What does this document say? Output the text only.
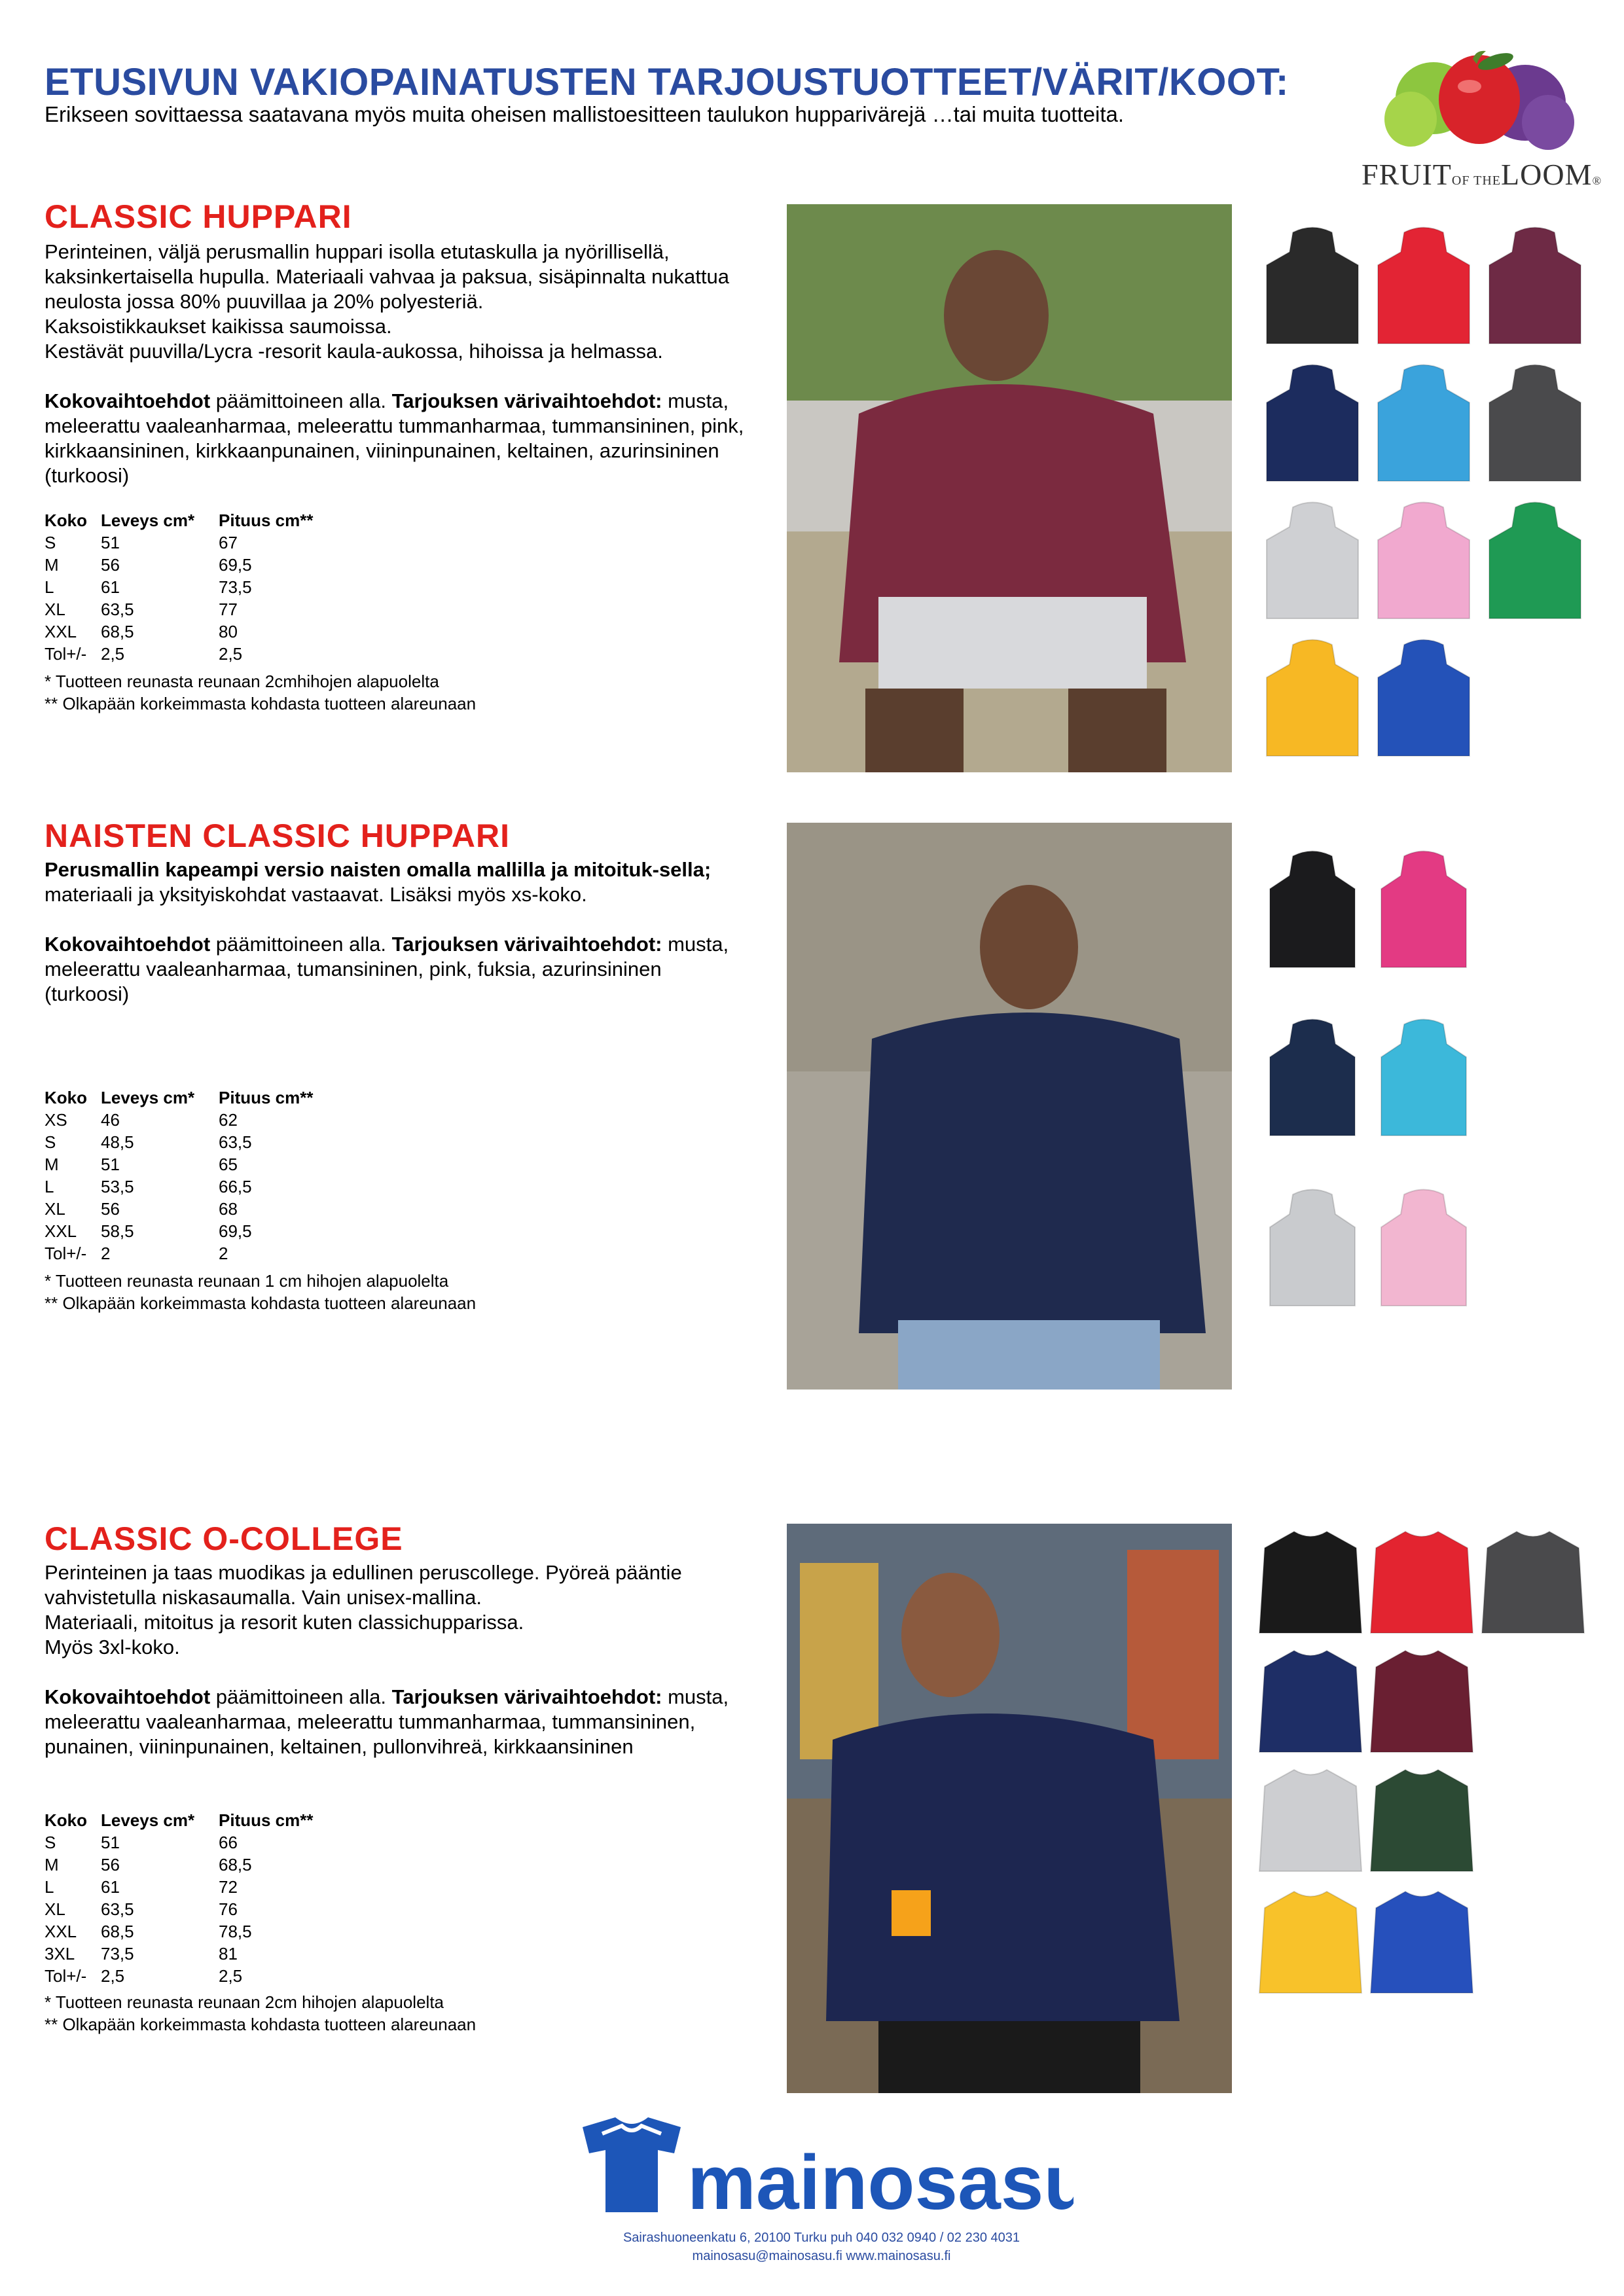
ETUSIVUN VAKIOPAINATUSTEN TARJOUSTUOTTEET/VÄRIT/KOOT:
Erikseen sovittaessa saatavana myös muita oheisen mallistoesitteen taulukon hupparivärejä …tai muita tuotteita.
FRUITOF THELOOM®
CLASSIC HUPPARI

Perinteinen, väljä perusmallin huppari isolla etutaskulla ja nyörillisellä, kaksinkertaisella hupulla. Materiaali vahvaa ja paksua, sisäpinnalta nukattua neulosta jossa 80% puuvillaa ja 20% polyesteriä.

Kaksoistikkaukset kaikissa saumoissa.

Kestävät puuvilla/Lycra -resorit kaula-aukossa, hihoissa ja helmassa.

Kokovaihtoehdot päämittoineen alla. Tarjouksen värivaihtoehdot: musta, meleerattu vaaleanharmaa, meleerattu tummanharmaa, tummansininen, pink, kirkkaansininen, kirkkaanpunainen, viininpunainen, keltainen, azurinsininen (turkoosi)

Koko	Leveys cm*	Pituus cm**
S	51	67
M	56	69,5
L	61	73,5
XL	63,5	77
XXL	68,5	80
Tol+/-	2,5	2,5
* Tuotteen reunasta reunaan 2cmhihojen alapuolelta
** Olkapään korkeimmasta kohdasta tuotteen alareunaan
NAISTEN CLASSIC HUPPARI

Perusmallin kapeampi versio naisten omalla mallilla ja mitoituk-sella; materiaali ja yksityiskohdat vastaavat. Lisäksi myös xs-koko.

Kokovaihtoehdot päämittoineen alla. Tarjouksen värivaihtoehdot: musta, meleerattu vaaleanharmaa, tumansininen, pink, fuksia, azurinsininen (turkoosi)

Koko	Leveys cm*	Pituus cm**
XS	46	62
S	48,5	63,5
M	51	65
L	53,5	66,5
XL	56	68
XXL	58,5	69,5
Tol+/-	2	2
* Tuotteen reunasta reunaan 1 cm hihojen alapuolelta
** Olkapään korkeimmasta kohdasta tuotteen alareunaan
CLASSIC O-COLLEGE

Perinteinen ja taas muodikas ja edullinen peruscollege. Pyöreä pääntie vahvistetulla niskasaumalla. Vain unisex-mallina.

Materiaali, mitoitus ja resorit kuten classichupparissa.

Myös 3xl-koko.

Kokovaihtoehdot päämittoineen alla. Tarjouksen värivaihtoehdot: musta, meleerattu vaaleanharmaa, meleerattu tummanharmaa, tummansininen, punainen, viininpunainen, keltainen, pullonvihreä, kirkkaansininen

Koko	Leveys cm*	Pituus cm**
S	51	66
M	56	68,5
L	61	72
XL	63,5	76
XXL	68,5	78,5
3XL	73,5	81
Tol+/-	2,5	2,5
* Tuotteen reunasta reunaan 2cm hihojen alapuolelta
** Olkapään korkeimmasta kohdasta tuotteen alareunaan
mainosasu
Sairashuoneenkatu 6, 20100 Turku puh 040 032 0940 / 02 230 4031
mainosasu@mainosasu.fi www.mainosasu.fi
